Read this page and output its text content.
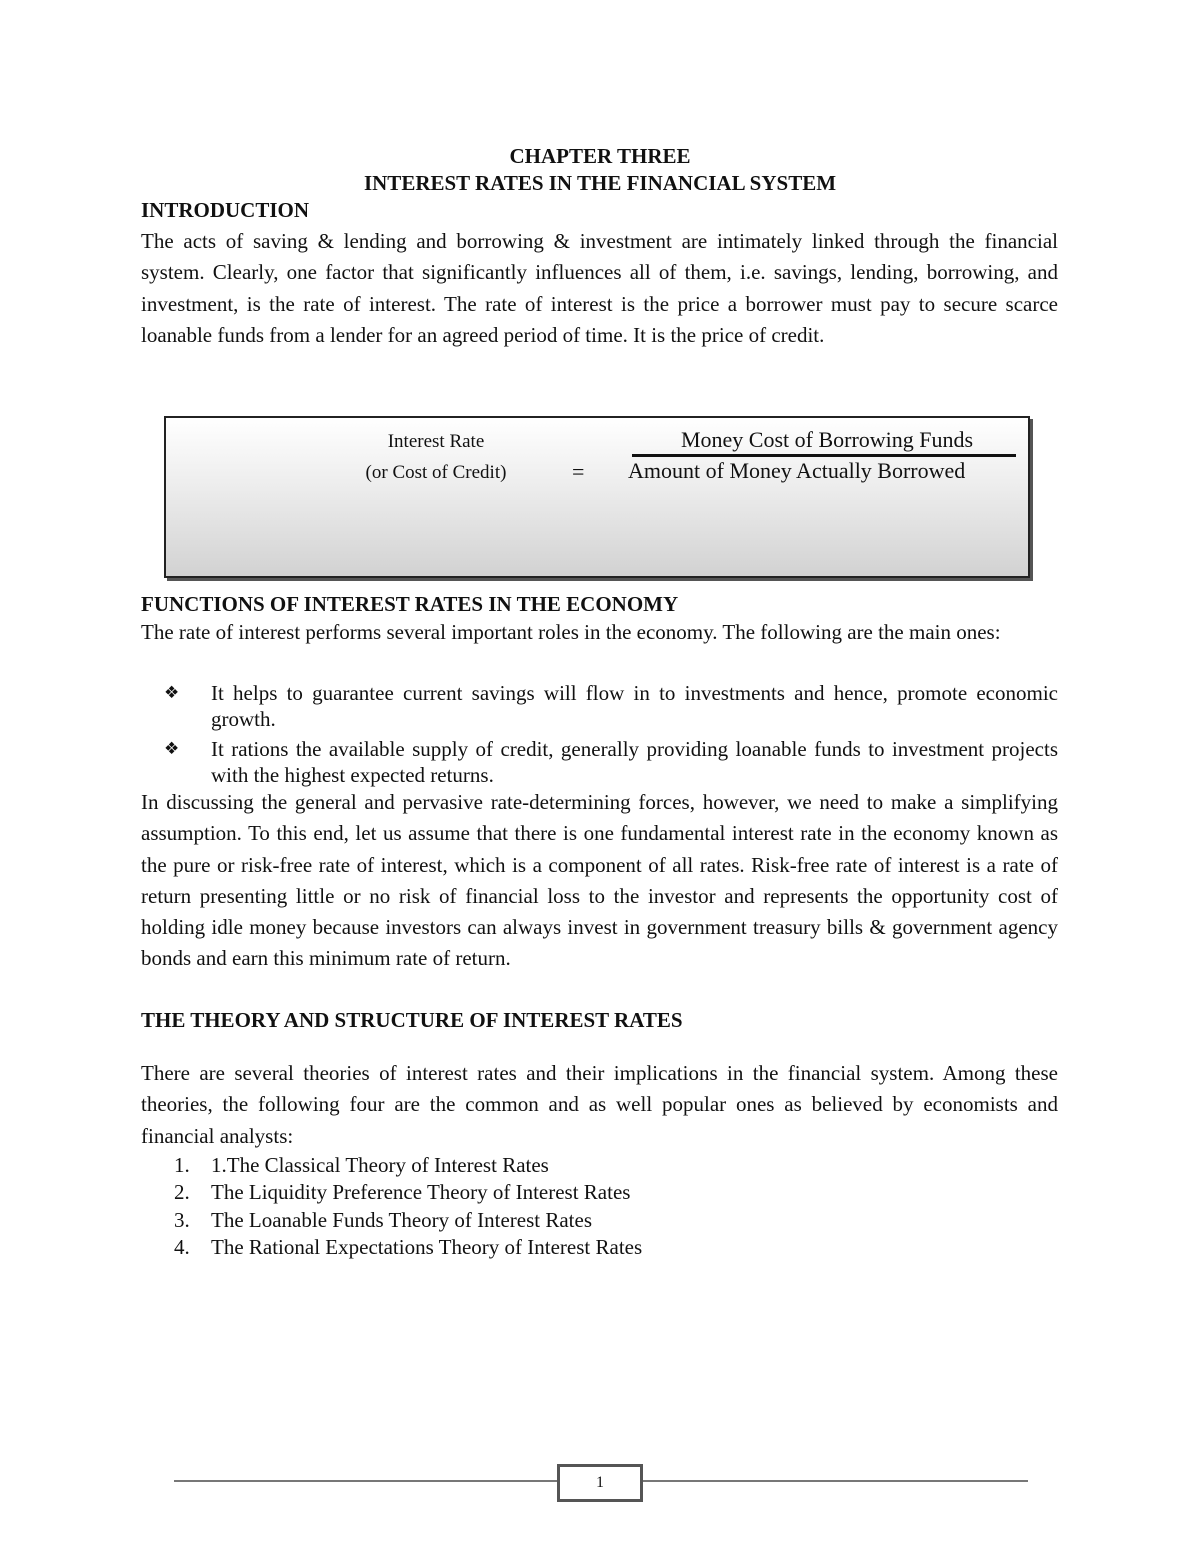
CHAPTER THREE
INTEREST RATES IN THE FINANCIAL SYSTEM
INTRODUCTION

The acts of saving & lending and borrowing & investment are intimately linked through the financial system. Clearly, one factor that significantly influences all of them, i.e. savings, lending, borrowing, and investment, is the rate of interest. The rate of interest is the price a borrower must pay to secure scarce loanable funds from a lender for an agreed period of time. It is the price of credit.

Interest Rate
(or Cost of Credit)	=
Money Cost of Borrowing Funds
Amount of Money Actually Borrowed
FUNCTIONS OF INTEREST RATES IN THE ECONOMY

The rate of interest performs several important roles in the economy. The following are the main ones:

❖ It helps to guarantee current savings will flow in to investments and hence, promote economic growth.
❖ It rations the available supply of credit, generally providing loanable funds to investment projects with the highest expected returns.

In discussing the general and pervasive rate-determining forces, however, we need to make a simplifying assumption. To this end, let us assume that there is one fundamental interest rate in the economy known as the pure or risk-free rate of interest, which is a component of all rates. Risk-free rate of interest is a rate of return presenting little or no risk of financial loss to the investor and represents the opportunity cost of holding idle money because investors can always invest in government treasury bills & government agency bonds and earn this minimum rate of return.

THE THEORY AND STRUCTURE OF INTEREST RATES

There are several theories of interest rates and their implications in the financial system. Among these theories, the following four are the common and as well popular ones as believed by economists and financial analysts:

1. 1.The Classical Theory of Interest Rates
2. The Liquidity Preference Theory of Interest Rates
3. The Loanable Funds Theory of Interest Rates
4. The Rational Expectations Theory of Interest Rates
1
